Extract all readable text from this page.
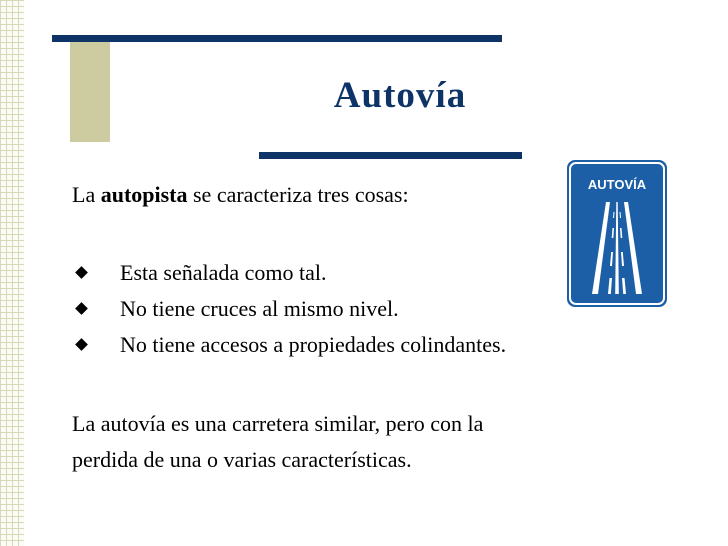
Autovía
La autopista se caracteriza tres cosas:
Esta señalada como tal.
No tiene cruces al mismo nivel.
No tiene accesos a propiedades colindantes.
La autovía es una carretera similar, pero con la
perdida de una o varias características.
AUTOVÍA
